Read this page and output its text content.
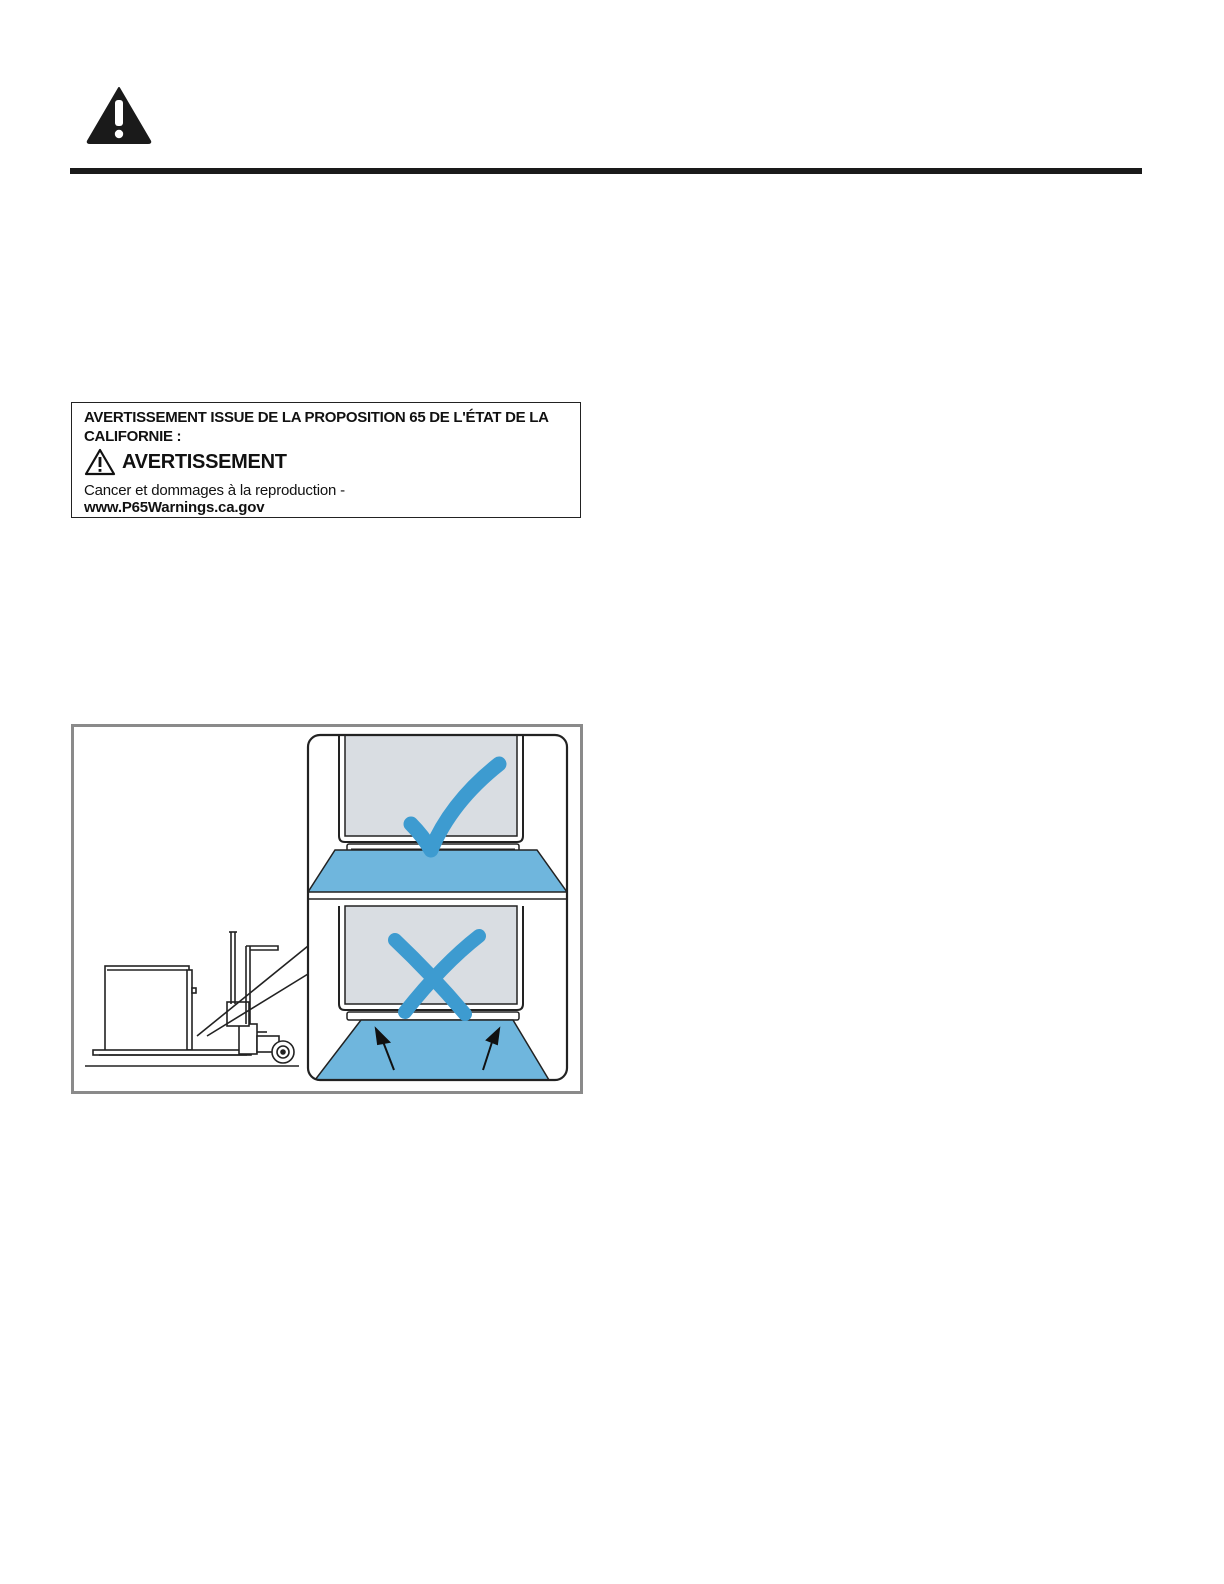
AVERTISSEMENT ISSUE DE LA PROPOSITION 65 DE L'ÉTAT DE LA CALIFORNIE :
AVERTISSEMENT
Cancer et dommages à la reproduction -
www.P65Warnings.ca.gov
